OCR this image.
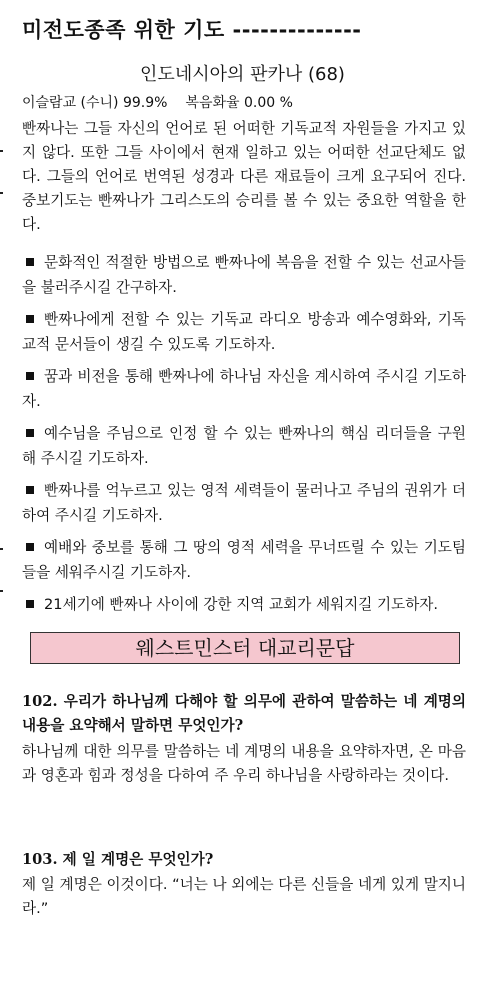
미전도종족 위한 기도 --------------
인도네시아의 판카나 (68)
이슬람교 (수니) 99.9% 복음화율 0.00 %
빤짜나는 그들 자신의 언어로 된 어떠한 기독교적 자원들을 가지고 있지 않다. 또한 그들 사이에서 현재 일하고 있는 어떠한 선교단체도 없다. 그들의 언어로 번역된 성경과 다른 재료들이 크게 요구되어 진다. 중보기도는 빤짜나가 그리스도의 승리를 볼 수 있는 중요한 역할을 한다.
문화적인 적절한 방법으로 빤짜나에 복음을 전할 수 있는 선교사들을 불러주시길 간구하자.
빤짜나에게 전할 수 있는 기독교 라디오 방송과 예수영화와, 기독교적 문서들이 생길 수 있도록 기도하자.
꿈과 비전을 통해 빤짜나에 하나님 자신을 계시하여 주시길 기도하자.
예수님을 주님으로 인정 할 수 있는 빤짜나의 핵심 리더들을 구원해 주시길 기도하자.
빤짜나를 억누르고 있는 영적 세력들이 물러나고 주님의 권위가 더하여 주시길 기도하자.
예배와 중보를 통해 그 땅의 영적 세력을 무너뜨릴 수 있는 기도팀들을 세워주시길 기도하자.
21세기에 빤짜나 사이에 강한 지역 교회가 세워지길 기도하자.
웨스트민스터 대교리문답
102. 우리가 하나님께 다해야 할 의무에 관하여 말씀하는 네 계명의 내용을 요약해서 말하면 무엇인가?
하나님께 대한 의무를 말씀하는 네 계명의 내용을 요약하자면, 온 마음과 영혼과 힘과 정성을 다하여 주 우리 하나님을 사랑하라는 것이다.
103. 제 일 계명은 무엇인가?
제 일 계명은 이것이다. “너는 나 외에는 다른 신들을 네게 있게 말지니라.”
